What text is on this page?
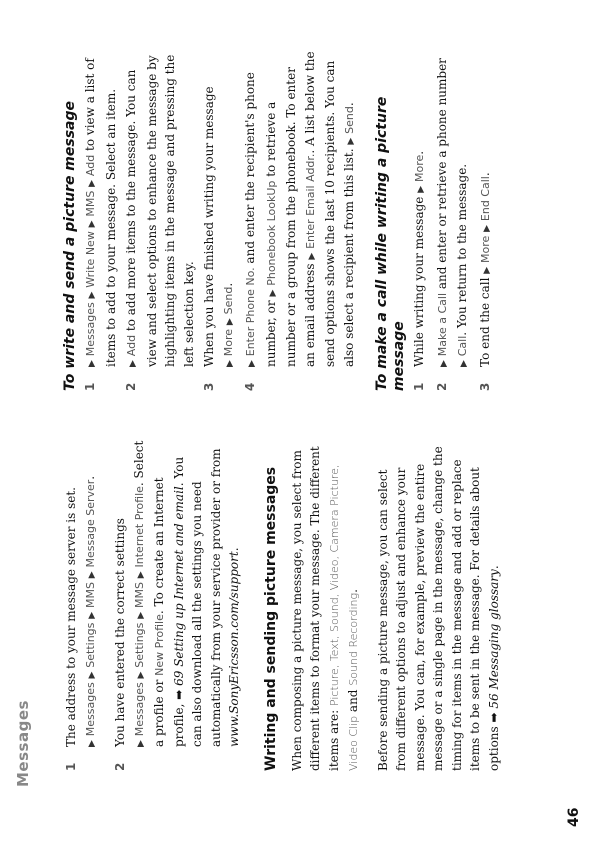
Messages
46
1
The address to your message server is set. ▶ Messages ▶ Settings ▶ MMS ▶ Message Server.
2
You have entered the correct settings ▶ Messages ▶ Settings ▶ MMS ▶ Internet Profile. Select a profile or New Profile. To create an Internet profile, ➡ 69 Setting up Internet and email. You can also download all the settings you need automatically from your service provider or from www.SonyEricsson.com/support. Writing and sending picture messages When composing a picture message, you select from different items to format your message. The different items are: Picture, Text, Sound, Video, Camera Picture, Video Clip and Sound Recording. Before sending a picture message, you can select from different options to adjust and enhance your message. You can, for example, preview the entire message or a single page in the message, change the timing for items in the message and add or replace items to be sent in the message. For details about options ➡ 56 Messaging glossary.

To write and send a picture message 1
▶ Messages ▶ Write New ▶ MMS ▶ Add to view a list of items to add to your message. Select an item.
2
▶ Add to add more items to the message. You can view and select options to enhance the message by highlighting items in the message and pressing the left selection key.
3
When you have finished writing your message ▶ More ▶ Send.
4
▶ Enter Phone No. and enter the recipient's phone number, or ▶ Phonebook LookUp to retrieve a number or a group from the phonebook. To enter an email address ▶ Enter Email Addr.. A list below the send options shows the last 10 recipients. You can also select a recipient from this list. ▶ Send.	To make a call while writing a picture message 1
While writing your message ▶ More.
2
▶ Make a Call and enter or retrieve a phone number ▶ Call. You return to the message.
3
To end the call ▶ More ▶ End Call.
